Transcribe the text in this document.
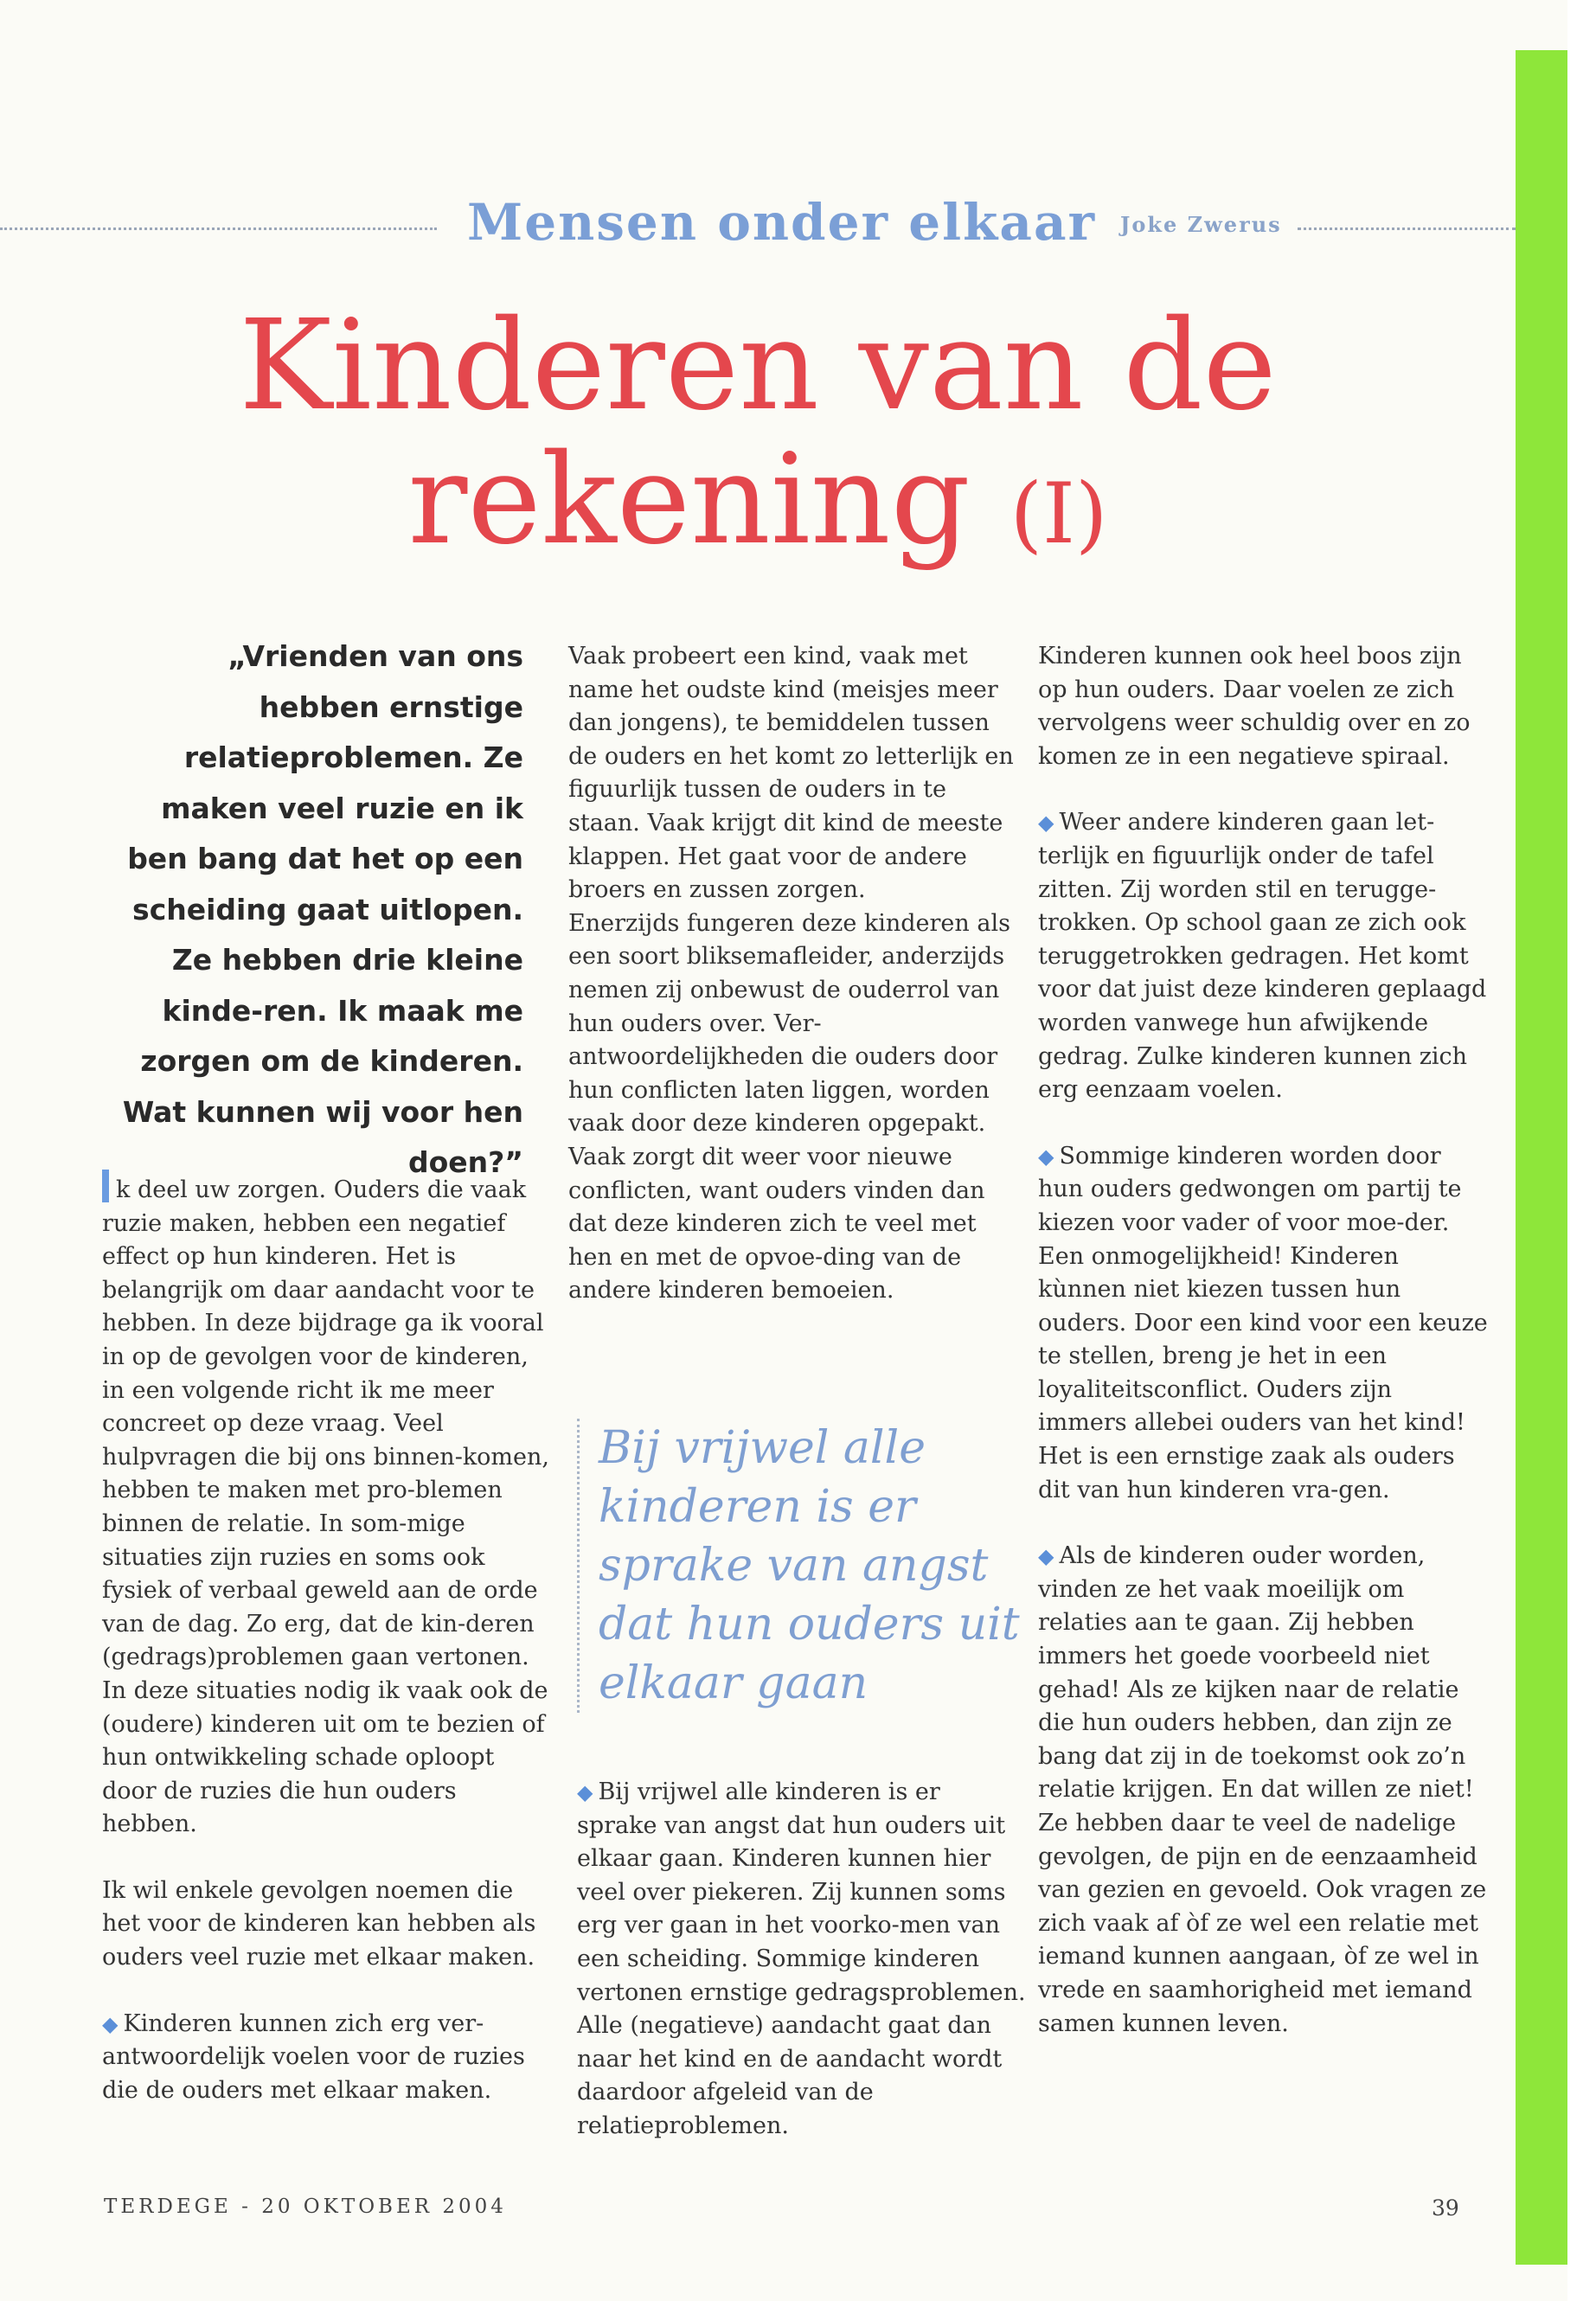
Mensen onder elkaar Joke Zwerus
Kinderen van de
rekening (I)

„Vrienden van ons hebben ernstige relatieproblemen. Ze maken veel ruzie en ik ben bang dat het op een scheiding gaat uitlopen. Ze hebben drie kleine kinde-ren. Ik maak me zorgen om de kinderen. Wat kunnen wij voor hen doen?”

k deel uw zorgen. Ouders die vaak ruzie maken, hebben een negatief effect op hun kinderen. Het is belangrijk om daar aandacht voor te hebben. In deze bijdrage ga ik vooral in op de gevolgen voor de kinderen, in een volgende richt ik me meer concreet op deze vraag. Veel hulpvragen die bij ons binnen-komen, hebben te maken met pro-blemen binnen de relatie. In som-mige situaties zijn ruzies en soms ook fysiek of verbaal geweld aan de orde van de dag. Zo erg, dat de kin-deren (gedrags)problemen gaan vertonen. In deze situaties nodig ik vaak ook de (oudere) kinderen uit om te bezien of hun ontwikkeling schade oploopt door de ruzies die hun ouders hebben.

Ik wil enkele gevolgen noemen die het voor de kinderen kan hebben als ouders veel ruzie met elkaar maken.

◆ Kinderen kunnen zich erg ver-antwoordelijk voelen voor de ruzies die de ouders met elkaar maken.

Vaak probeert een kind, vaak met name het oudste kind (meisjes meer dan jongens), te bemiddelen tussen de ouders en het komt zo letterlijk en figuurlijk tussen de ouders in te staan. Vaak krijgt dit kind de meeste klappen. Het gaat voor de andere broers en zussen zorgen.

Enerzijds fungeren deze kinderen als een soort bliksemafleider, anderzijds nemen zij onbewust de ouderrol van hun ouders over. Ver-antwoordelijkheden die ouders door hun conflicten laten liggen, worden vaak door deze kinderen opgepakt. Vaak zorgt dit weer voor nieuwe conflicten, want ouders vinden dan dat deze kinderen zich te veel met hen en met de opvoe-ding van de andere kinderen bemoeien.

Bij vrijwel alle kinderen is er sprake van angst dat hun ouders uit elkaar gaan

◆ Bij vrijwel alle kinderen is er sprake van angst dat hun ouders uit elkaar gaan. Kinderen kunnen hier veel over piekeren. Zij kunnen soms erg ver gaan in het voorko-men van een scheiding. Sommige kinderen vertonen ernstige gedragsproblemen. Alle (negatieve) aandacht gaat dan naar het kind en de aandacht wordt daardoor afgeleid van de relatieproblemen.

Kinderen kunnen ook heel boos zijn op hun ouders. Daar voelen ze zich vervolgens weer schuldig over en zo komen ze in een negatieve spiraal.

◆ Weer andere kinderen gaan let-terlijk en figuurlijk onder de tafel zitten. Zij worden stil en terugge-trokken. Op school gaan ze zich ook teruggetrokken gedragen. Het komt voor dat juist deze kinderen geplaagd worden vanwege hun afwijkende gedrag. Zulke kinderen kunnen zich erg eenzaam voelen.

◆ Sommige kinderen worden door hun ouders gedwongen om partij te kiezen voor vader of voor moe-der. Een onmogelijkheid! Kinderen kùnnen niet kiezen tussen hun ouders. Door een kind voor een keuze te stellen, breng je het in een loyaliteitsconflict. Ouders zijn immers allebei ouders van het kind! Het is een ernstige zaak als ouders dit van hun kinderen vra-gen.

◆ Als de kinderen ouder worden, vinden ze het vaak moeilijk om relaties aan te gaan. Zij hebben immers het goede voorbeeld niet gehad! Als ze kijken naar de relatie die hun ouders hebben, dan zijn ze bang dat zij in de toekomst ook zo’n relatie krijgen. En dat willen ze niet! Ze hebben daar te veel de nadelige gevolgen, de pijn en de eenzaamheid van gezien en gevoeld. Ook vragen ze zich vaak af òf ze wel een relatie met iemand kunnen aangaan, òf ze wel in vrede en saamhorigheid met iemand samen kunnen leven.

TERDEGE - 20 OKTOBER 2004	39
